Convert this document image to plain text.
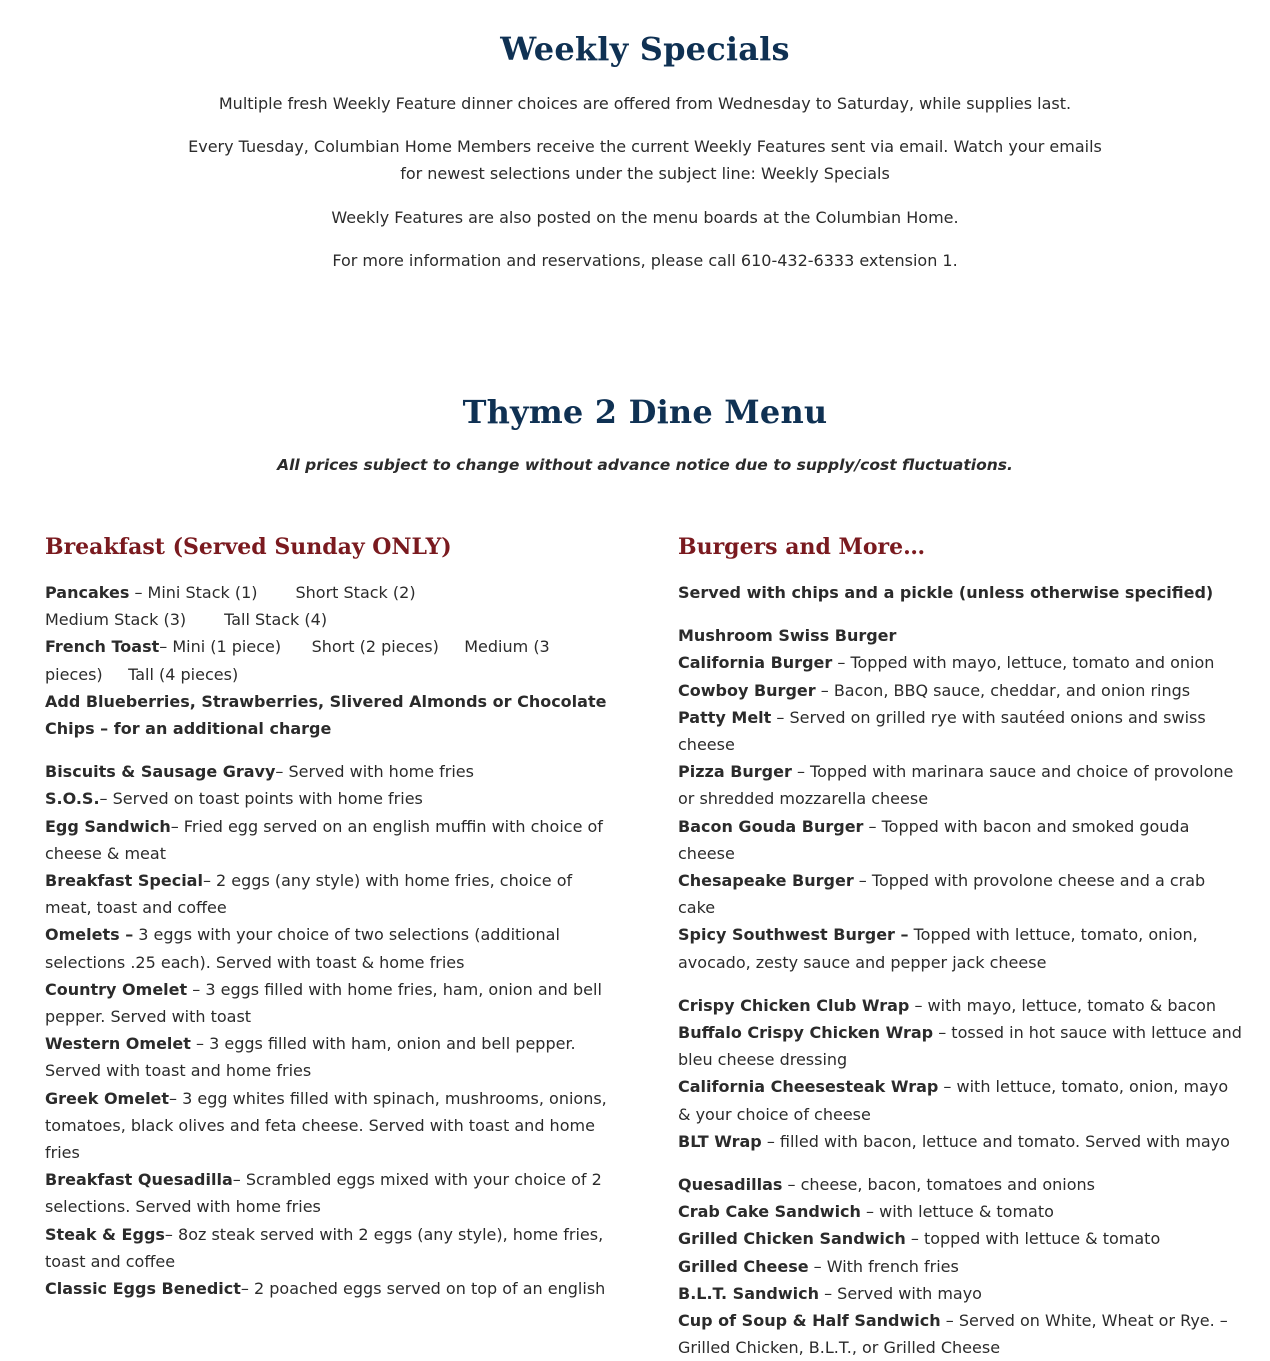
Weekly Specials

Multiple fresh Weekly Feature dinner choices are offered from Wednesday to Saturday, while supplies last.

Every Tuesday, Columbian Home Members receive the current Weekly Features sent via email. Watch your emails for newest selections under the subject line: Weekly Specials

Weekly Features are also posted on the menu boards at the Columbian Home.

For more information and reservations, please call 610-432-6333 extension 1.

Thyme 2 Dine Menu
All prices subject to change without advance notice due to supply/cost fluctuations.
Breakfast (Served Sunday ONLY)

Pancakes – Mini Stack (1) Short Stack (2)Medium Stack (3) Tall Stack (4)

French Toast– Mini (1 piece) Short (2 pieces) Medium (3 pieces) Tall (4 pieces)

Add Blueberries, Strawberries, Slivered Almonds or Chocolate Chips – for an additional charge

Biscuits & Sausage Gravy– Served with home fries

S.O.S.– Served on toast points with home fries

Egg Sandwich– Fried egg served on an english muffin with choice of cheese & meat

Breakfast Special– 2 eggs (any style) with home fries, choice of meat, toast and coffee

Omelets – 3 eggs with your choice of two selections (additional selections .25 each). Served with toast & home fries

Country Omelet – 3 eggs filled with home fries, ham, onion and bell pepper. Served with toast

Western Omelet – 3 eggs filled with ham, onion and bell pepper. Served with toast and home fries

Greek Omelet– 3 egg whites filled with spinach, mushrooms, onions, tomatoes, black olives and feta cheese. Served with toast and home fries

Breakfast Quesadilla– Scrambled eggs mixed with your choice of 2 selections. Served with home fries

Steak & Eggs– 8oz steak served with 2 eggs (any style), home fries, toast and coffee

Classic Eggs Benedict– 2 poached eggs served on top of an english

Burgers and More…

Served with chips and a pickle (unless otherwise specified)

Mushroom Swiss Burger

California Burger – Topped with mayo, lettuce, tomato and onion

Cowboy Burger – Bacon, BBQ sauce, cheddar, and onion rings

Patty Melt – Served on grilled rye with sautéed onions and swiss cheese

Pizza Burger – Topped with marinara sauce and choice of provolone or shredded mozzarella cheese

Bacon Gouda Burger – Topped with bacon and smoked gouda cheese

Chesapeake Burger – Topped with provolone cheese and a crab cake

Spicy Southwest Burger – Topped with lettuce, tomato, onion, avocado, zesty sauce and pepper jack cheese

Crispy Chicken Club Wrap – with mayo, lettuce, tomato & bacon

Buffalo Crispy Chicken Wrap – tossed in hot sauce with lettuce and bleu cheese dressing

California Cheesesteak Wrap – with lettuce, tomato, onion, mayo & your choice of cheese

BLT Wrap – filled with bacon, lettuce and tomato. Served with mayo

Quesadillas – cheese, bacon, tomatoes and onions

Crab Cake Sandwich – with lettuce & tomato

Grilled Chicken Sandwich – topped with lettuce & tomato

Grilled Cheese – With french fries

B.L.T. Sandwich – Served with mayo

Cup of Soup & Half Sandwich – Served on White, Wheat or Rye. – Grilled Chicken, B.L.T., or Grilled Cheese
